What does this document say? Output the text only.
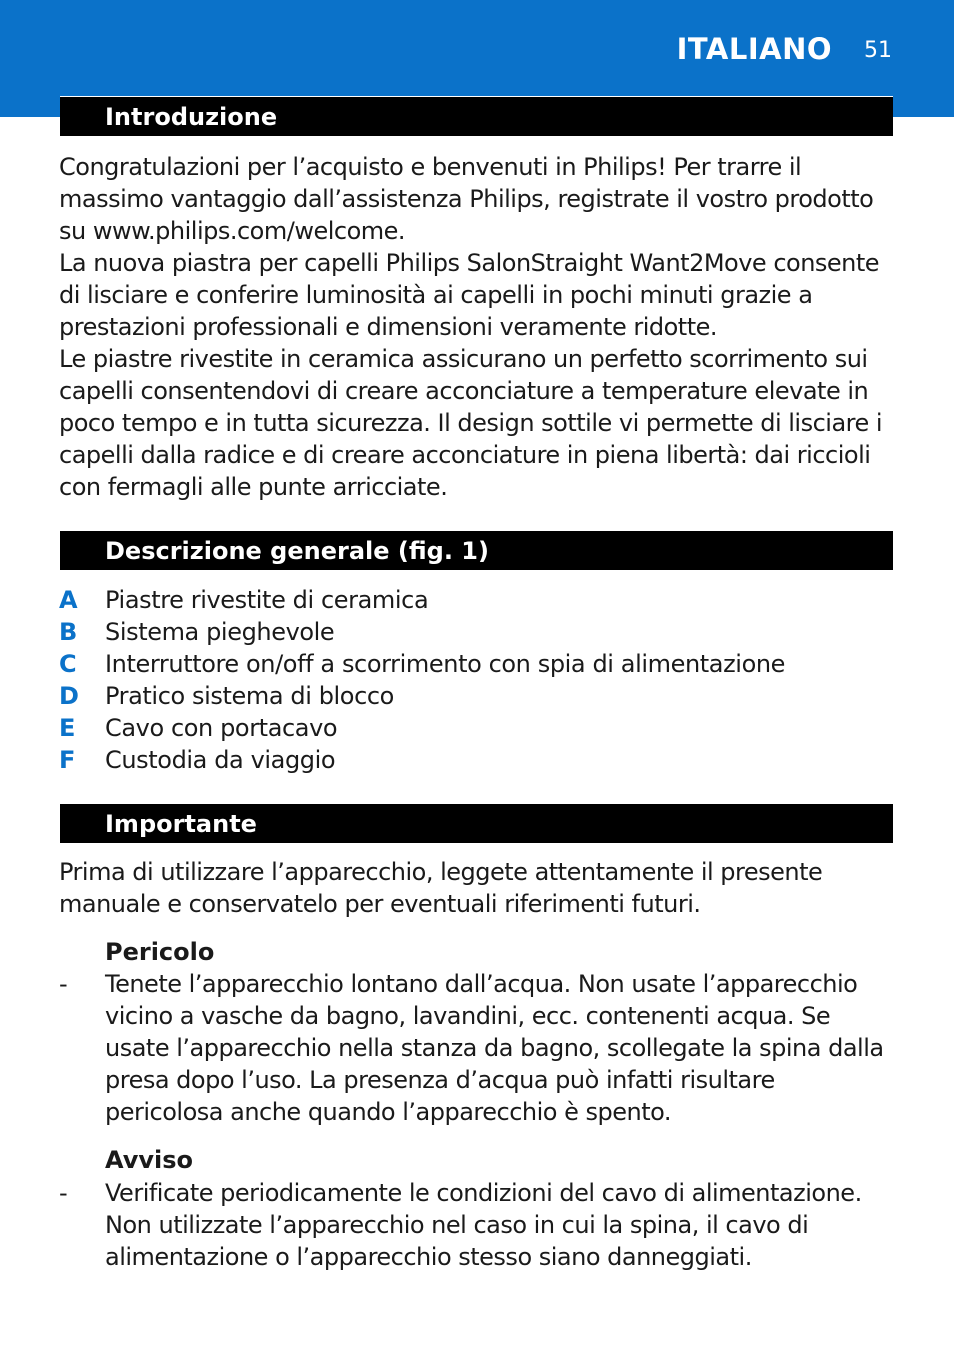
ITALIANO 51
Introduzione

Congratulazioni per l’acquisto e benvenuti in Philips! Per trarre il massimo vantaggio dall’assistenza Philips, registrate il vostro prodotto su www.philips.com/welcome.

La nuova piastra per capelli Philips SalonStraight Want2Move consente di lisciare e conferire luminosità ai capelli in pochi minuti grazie a prestazioni professionali e dimensioni veramente ridotte.

Le piastre rivestite in ceramica assicurano un perfetto scorrimento sui capelli consentendovi di creare acconciature a temperature elevate in poco tempo e in tutta sicurezza. Il design sottile vi permette di lisciare i capelli dalla radice e di creare acconciature in piena libertà: dai riccioli con fermagli alle punte arricciate.

Descrizione generale (fig. 1)
A Piastre rivestite di ceramica
B Sistema pieghevole
C Interruttore on/off a scorrimento con spia di alimentazione
D Pratico sistema di blocco
E Cavo con portacavo
F Custodia da viaggio
Importante
Prima di utilizzare l’apparecchio, leggete attentamente il presente manuale e conservatelo per eventuali riferimenti futuri.
Pericolo
- Tenete l’apparecchio lontano dall’acqua. Non usate l’apparecchio vicino a vasche da bagno, lavandini, ecc. contenenti acqua. Se usate l’apparecchio nella stanza da bagno, scollegate la spina dalla presa dopo l’uso. La presenza d’acqua può infatti risultare pericolosa anche quando l’apparecchio è spento.
Avviso
- Verificate periodicamente le condizioni del cavo di alimentazione. Non utilizzate l’apparecchio nel caso in cui la spina, il cavo di alimentazione o l’apparecchio stesso siano danneggiati.
